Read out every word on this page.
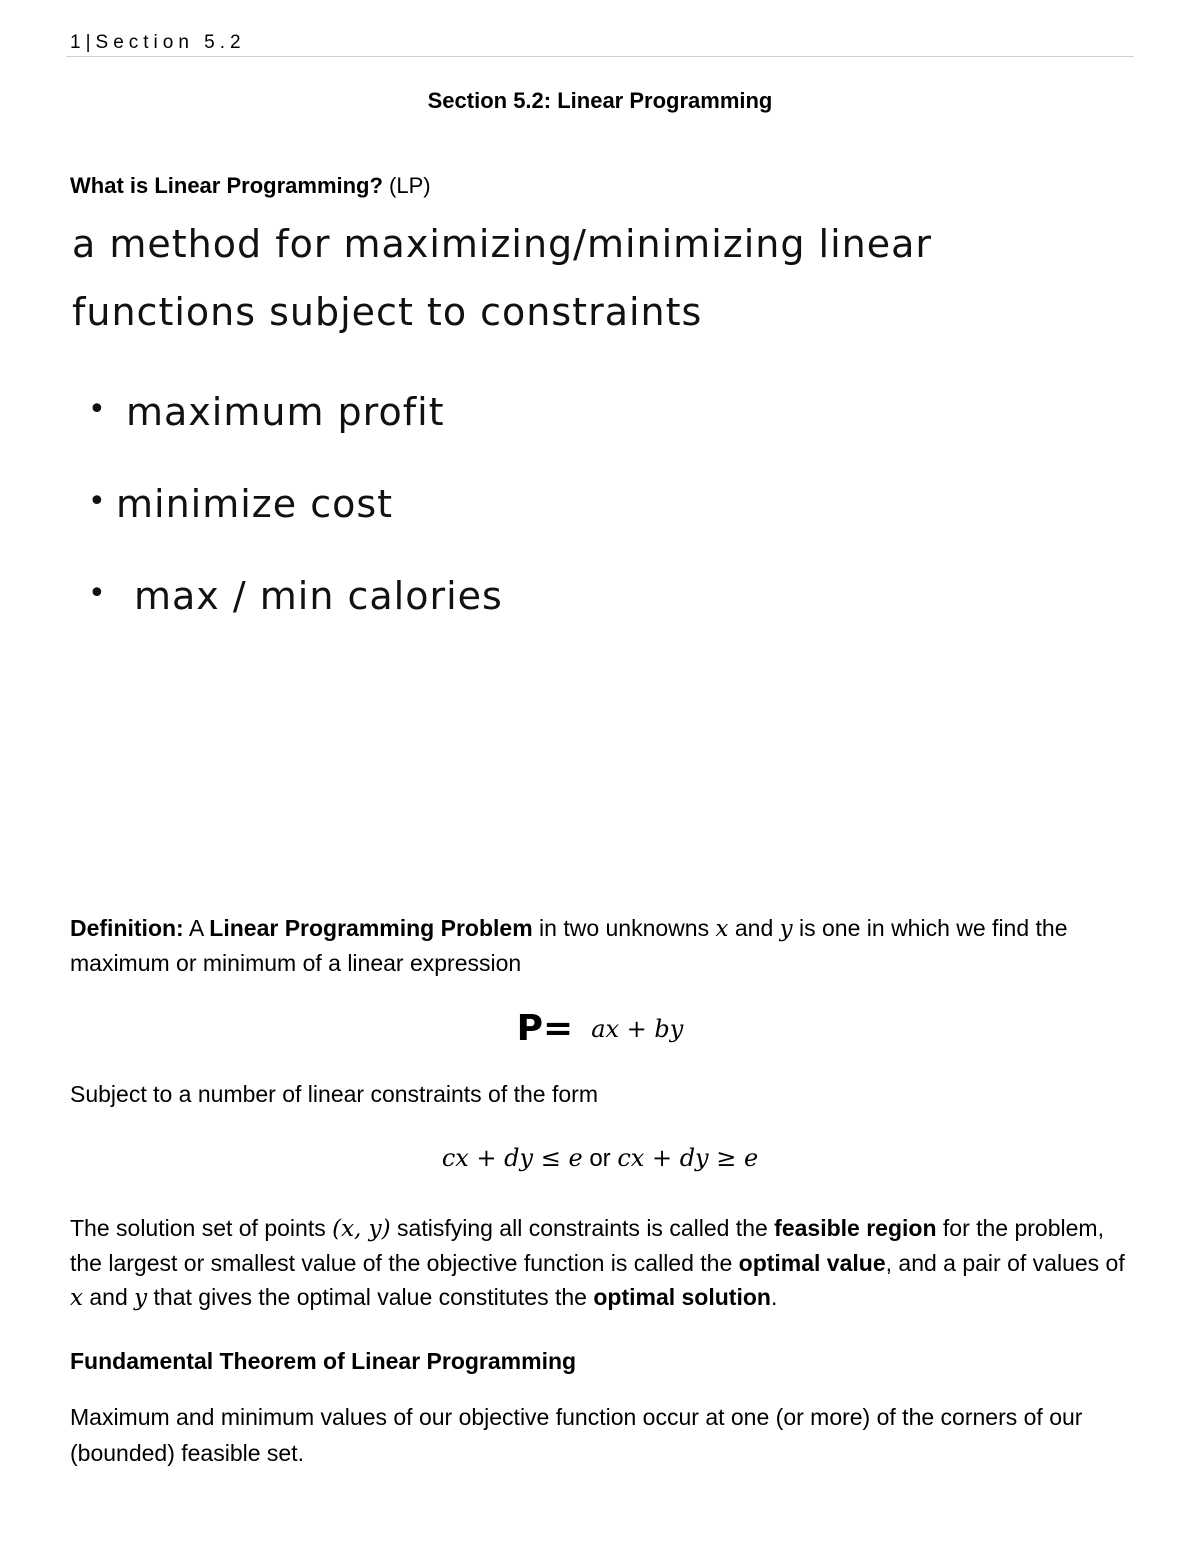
1|Section 5.2
Section 5.2: Linear Programming
What is Linear Programming? (LP)
a method for maximizing/minimizing linear
functions subject to constraints
• maximum profit
• minimize cost
• max / min calories
Definition: A Linear Programming Problem in two unknowns x and y is one in which we find the maximum or minimum of a linear expression
P= ax + by
Subject to a number of linear constraints of the form
cx + dy ≤ e or cx + dy ≥ e
The solution set of points (x, y) satisfying all constraints is called the feasible region for the problem, the largest or smallest value of the objective function is called the optimal value, and a pair of values of x and y that gives the optimal value constitutes the optimal solution.
Fundamental Theorem of Linear Programming
Maximum and minimum values of our objective function occur at one (or more) of the corners of our (bounded) feasible set.
